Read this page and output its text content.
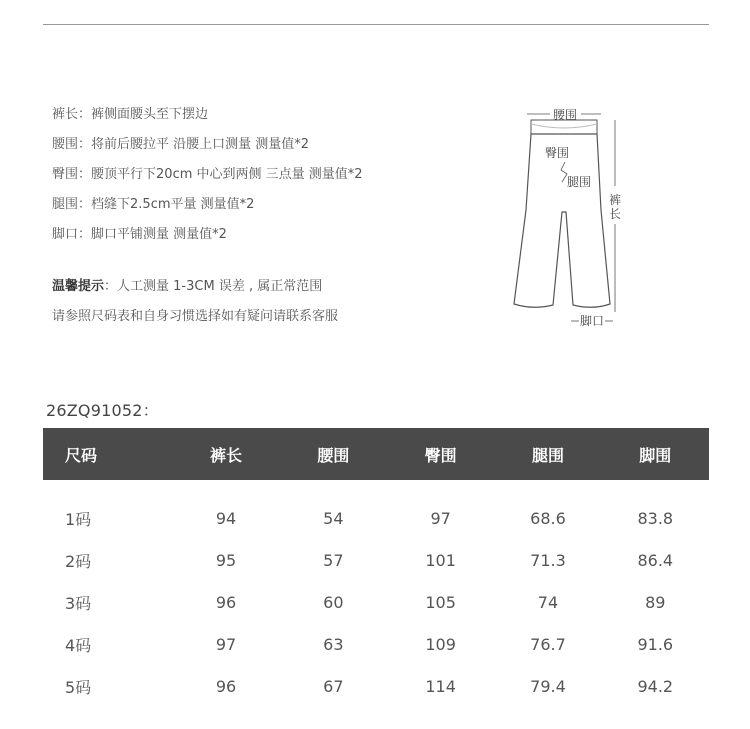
裤长：裤侧面腰头至下摆边
腰围：将前后腰拉平 沿腰上口测量 测量值*2
臀围：腰顶平行下20cm 中心到两侧 三点量 测量值*2
腿围：档缝下2.5cm平量 测量值*2
脚口：脚口平铺测量 测量值*2
温馨提示：人工测量 1-3CM 误差 , 属正常范围
请参照尺码表和自身习惯选择如有疑问请联系客服
腰围
臀围
腿围
裤
长
脚口
26ZQ91052：
尺码	裤长	腰围	臀围	腿围	脚围
1码	94	54	97	68.6	83.8
2码	95	57	101	71.3	86.4
3码	96	60	105	74	89
4码	97	63	109	76.7	91.6
5码	96	67	114	79.4	94.2
